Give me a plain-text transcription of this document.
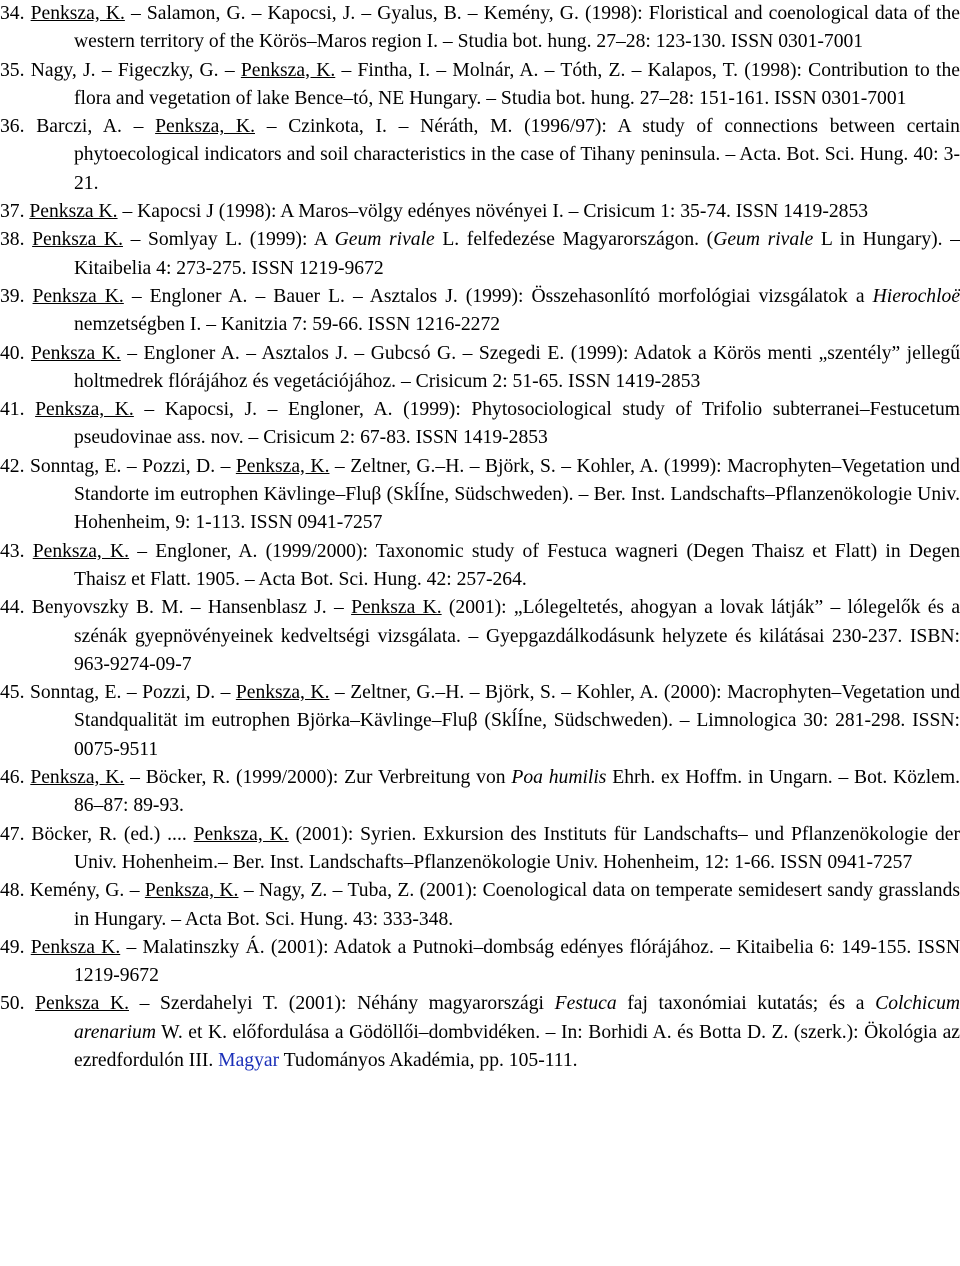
34. Penksza, K. – Salamon, G. – Kapocsi, J. – Gyalus, B. – Kemény, G. (1998): Floristical and coenological data of the western territory of the Körös–Maros region I. – Studia bot. hung. 27–28: 123-130. ISSN 0301-7001
35. Nagy, J. – Figeczky, G. – Penksza, K. – Fintha, I. – Molnár, A. – Tóth, Z. – Kalapos, T. (1998): Contribution to the flora and vegetation of lake Bence–tó, NE Hungary. – Studia bot. hung. 27–28: 151-161. ISSN 0301-7001
36. Barczi, A. – Penksza, K. – Czinkota, I. – Néráth, M. (1996/97): A study of connections between certain phytoecological indicators and soil characteristics in the case of Tihany peninsula. – Acta. Bot. Sci. Hung. 40: 3-21.
37. Penksza K. – Kapocsi J (1998): A Maros–völgy edényes növényei I. – Crisicum 1: 35-74. ISSN 1419-2853
38. Penksza K. – Somlyay L. (1999): A Geum rivale L. felfedezése Magyarországon. (Geum rivale L in Hungary). – Kitaibelia 4: 273-275. ISSN 1219-9672
39. Penksza K. – Engloner A. – Bauer L. – Asztalos J. (1999): Összehasonlító morfológiai vizsgálatok a Hierochloë nemzetségben I. – Kanitzia 7: 59-66. ISSN 1216-2272
40. Penksza K. – Engloner A. – Asztalos J. – Gubcsó G. – Szegedi E. (1999): Adatok a Körös menti „szentély” jellegű holtmedrek flórájához és vegetációjához. – Crisicum 2: 51-65. ISSN 1419-2853
41. Penksza, K. – Kapocsi, J. – Engloner, A. (1999): Phytosociological study of Trifolio subterranei–Festucetum pseudovinae ass. nov. – Crisicum 2: 67-83. ISSN 1419-2853
42. Sonntag, E. – Pozzi, D. – Penksza, K. – Zeltner, G.–H. – Björk, S. – Kohler, A. (1999): Macrophyten–Vegetation und Standorte im eutrophen Kävlinge–Fluβ (SkĺÍne, Südschweden). – Ber. Inst. Landschafts–Pflanzenökologie Univ. Hohenheim, 9: 1-113. ISSN 0941-7257
43. Penksza, K. – Engloner, A. (1999/2000): Taxonomic study of Festuca wagneri (Degen Thaisz et Flatt) in Degen Thaisz et Flatt. 1905. – Acta Bot. Sci. Hung. 42: 257-264.
44. Benyovszky B. M. – Hansenblasz J. – Penksza K. (2001): „Lólegeltetés, ahogyan a lovak látják” – lólegelők és a szénák gyepnövényeinek kedveltségi vizsgálata. – Gyepgazdálkodásunk helyzete és kilátásai 230-237. ISBN: 963-9274-09-7
45. Sonntag, E. – Pozzi, D. – Penksza, K. – Zeltner, G.–H. – Björk, S. – Kohler, A. (2000): Macrophyten–Vegetation und Standqualität im eutrophen Björka–Kävlinge–Fluβ (SkĺÍne, Südschweden). – Limnologica 30: 281-298. ISSN: 0075-9511
46. Penksza, K. – Böcker, R. (1999/2000): Zur Verbreitung von Poa humilis Ehrh. ex Hoffm. in Ungarn. – Bot. Közlem. 86–87: 89-93.
47. Böcker, R. (ed.) .... Penksza, K. (2001): Syrien. Exkursion des Instituts für Landschafts– und Pflanzenökologie der Univ. Hohenheim.– Ber. Inst. Landschafts–Pflanzenökologie Univ. Hohenheim, 12: 1-66. ISSN 0941-7257
48. Kemény, G. – Penksza, K. – Nagy, Z. – Tuba, Z. (2001): Coenological data on temperate semidesert sandy grasslands in Hungary. – Acta Bot. Sci. Hung. 43: 333-348.
49. Penksza K. – Malatinszky Á. (2001): Adatok a Putnoki–dombság edényes flórájához. – Kitaibelia 6: 149-155. ISSN 1219-9672
50. Penksza K. – Szerdahelyi T. (2001): Néhány magyarországi Festuca faj taxonómiai kutatás; és a Colchicum arenarium W. et K. előfordulása a Gödöllői–dombvidéken. – In: Borhidi A. és Botta D. Z. (szerk.): Ökológia az ezredfordulón III. Magyar Tudományos Akadémia, pp. 105-111.
